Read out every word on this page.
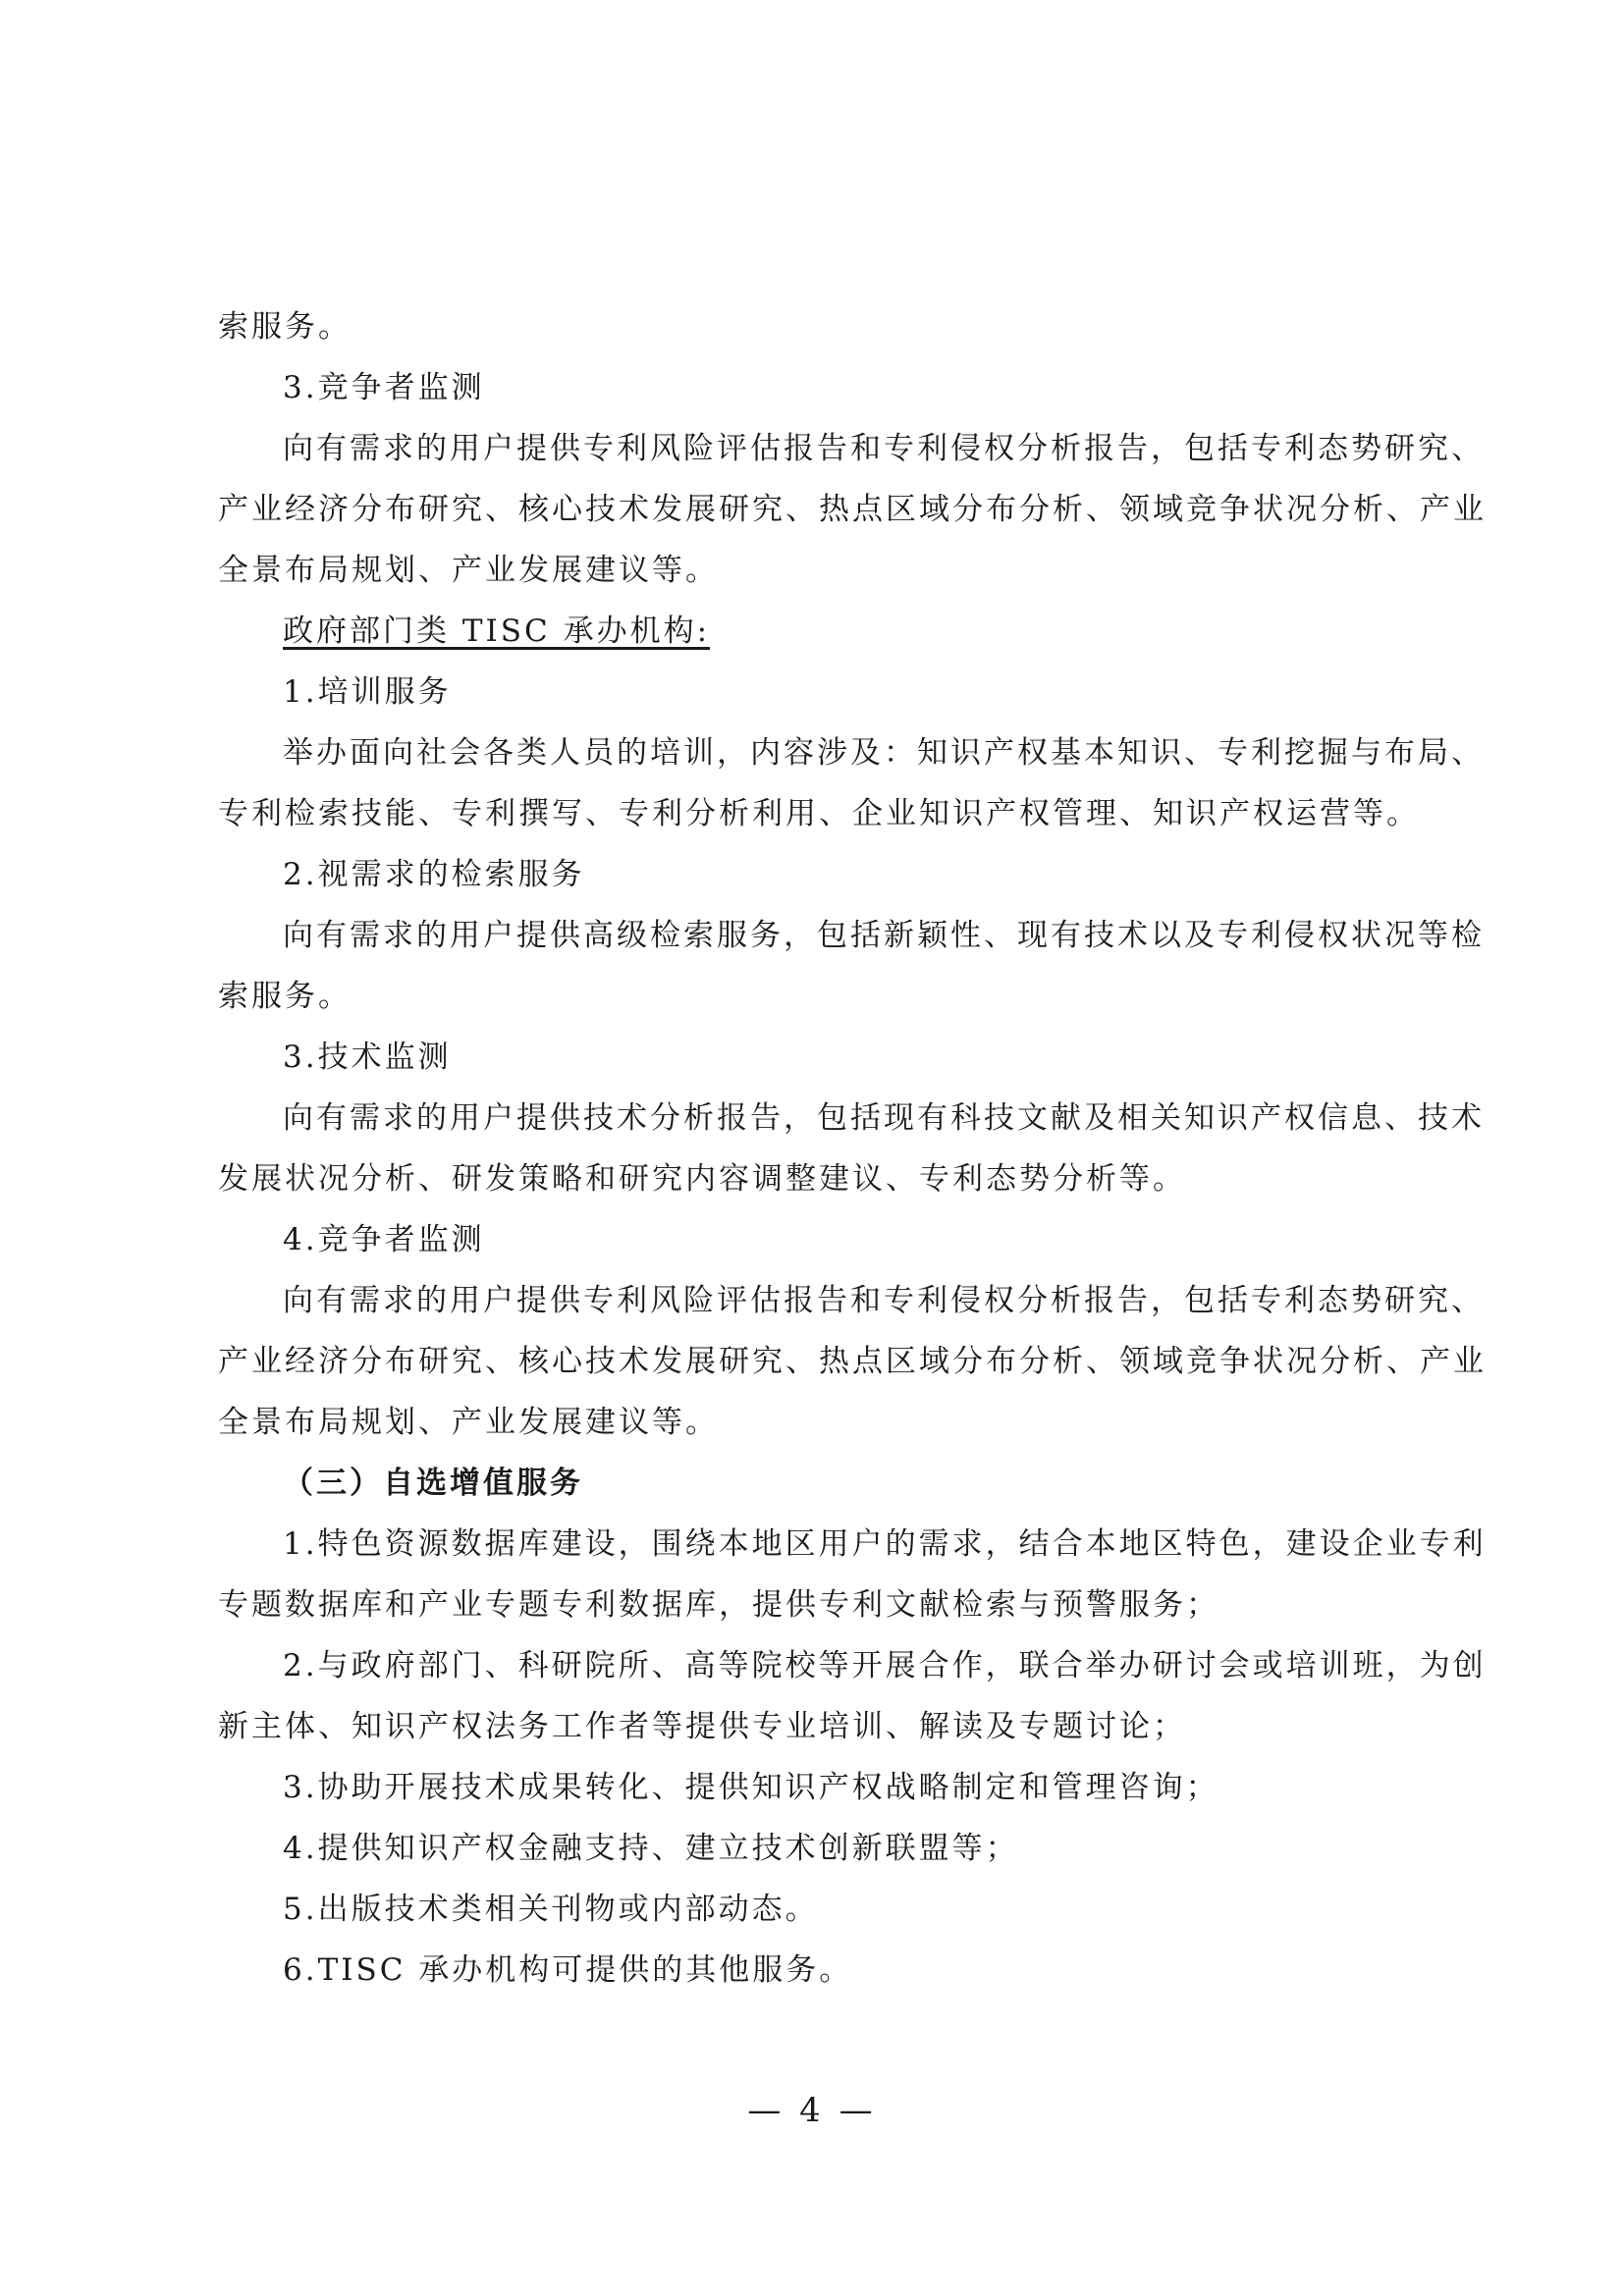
索服务。
3.竞争者监测
向有需求的用户提供专利风险评估报告和专利侵权分析报告，包括专利态势研究、
产业经济分布研究、核心技术发展研究、热点区域分布分析、领域竞争状况分析、产业
全景布局规划、产业发展建议等。
政府部门类 TISC 承办机构:
1.培训服务
举办面向社会各类人员的培训，内容涉及：知识产权基本知识、专利挖掘与布局、
专利检索技能、专利撰写、专利分析利用、企业知识产权管理、知识产权运营等。
2.视需求的检索服务
向有需求的用户提供高级检索服务，包括新颖性、现有技术以及专利侵权状况等检
索服务。
3.技术监测
向有需求的用户提供技术分析报告，包括现有科技文献及相关知识产权信息、技术
发展状况分析、研发策略和研究内容调整建议、专利态势分析等。
4.竞争者监测
向有需求的用户提供专利风险评估报告和专利侵权分析报告，包括专利态势研究、
产业经济分布研究、核心技术发展研究、热点区域分布分析、领域竞争状况分析、产业
全景布局规划、产业发展建议等。
（三）自选增值服务
1.特色资源数据库建设，围绕本地区用户的需求，结合本地区特色，建设企业专利
专题数据库和产业专题专利数据库，提供专利文献检索与预警服务；
2.与政府部门、科研院所、高等院校等开展合作，联合举办研讨会或培训班，为创
新主体、知识产权法务工作者等提供专业培训、解读及专题讨论；
3.协助开展技术成果转化、提供知识产权战略制定和管理咨询；
4.提供知识产权金融支持、建立技术创新联盟等；
5.出版技术类相关刊物或内部动态。
6.TISC 承办机构可提供的其他服务。
— 4 —
